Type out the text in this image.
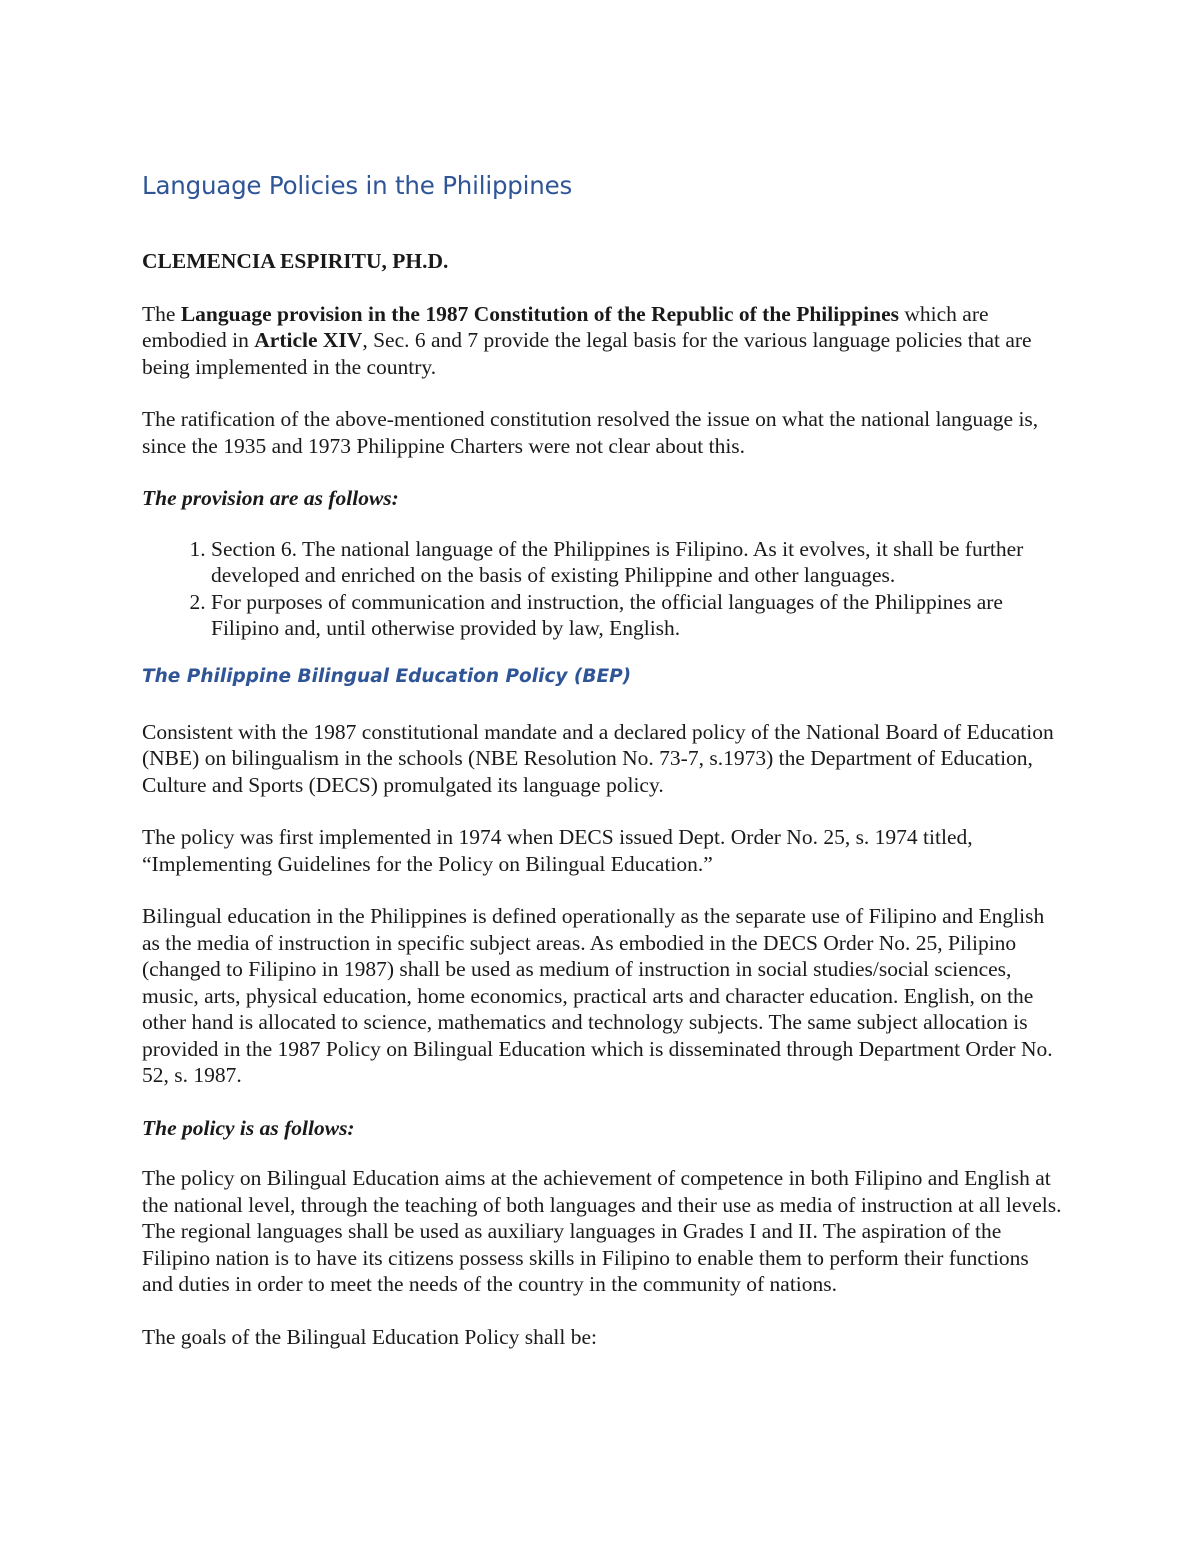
Language Policies in the Philippines

CLEMENCIA ESPIRITU, PH.D.

The Language provision in the 1987 Constitution of the Republic of the Philippines which are embodied in Article XIV, Sec. 6 and 7 provide the legal basis for the various language policies that are being implemented in the country.

The ratification of the above-mentioned constitution resolved the issue on what the national language is, since the 1935 and 1973 Philippine Charters were not clear about this.

The provision are as follows:

1. Section 6. The national language of the Philippines is Filipino. As it evolves, it shall be further developed and enriched on the basis of existing Philippine and other languages.
2. For purposes of communication and instruction, the official languages of the Philippines are Filipino and, until otherwise provided by law, English.
The Philippine Bilingual Education Policy (BEP)

Consistent with the 1987 constitutional mandate and a declared policy of the National Board of Education (NBE) on bilingualism in the schools (NBE Resolution No. 73-7, s.1973) the Department of Education, Culture and Sports (DECS) promulgated its language policy.

The policy was first implemented in 1974 when DECS issued Dept. Order No. 25, s. 1974 titled, “Implementing Guidelines for the Policy on Bilingual Education.”

Bilingual education in the Philippines is defined operationally as the separate use of Filipino and English as the media of instruction in specific subject areas. As embodied in the DECS Order No. 25, Pilipino (changed to Filipino in 1987) shall be used as medium of instruction in social studies/social sciences, music, arts, physical education, home economics, practical arts and character education. English, on the other hand is allocated to science, mathematics and technology subjects. The same subject allocation is provided in the 1987 Policy on Bilingual Education which is disseminated through Department Order No. 52, s. 1987.

The policy is as follows:

The policy on Bilingual Education aims at the achievement of competence in both Filipino and English at the national level, through the teaching of both languages and their use as media of instruction at all levels. The regional languages shall be used as auxiliary languages in Grades I and II. The aspiration of the Filipino nation is to have its citizens possess skills in Filipino to enable them to perform their functions and duties in order to meet the needs of the country in the community of nations.

The goals of the Bilingual Education Policy shall be:
